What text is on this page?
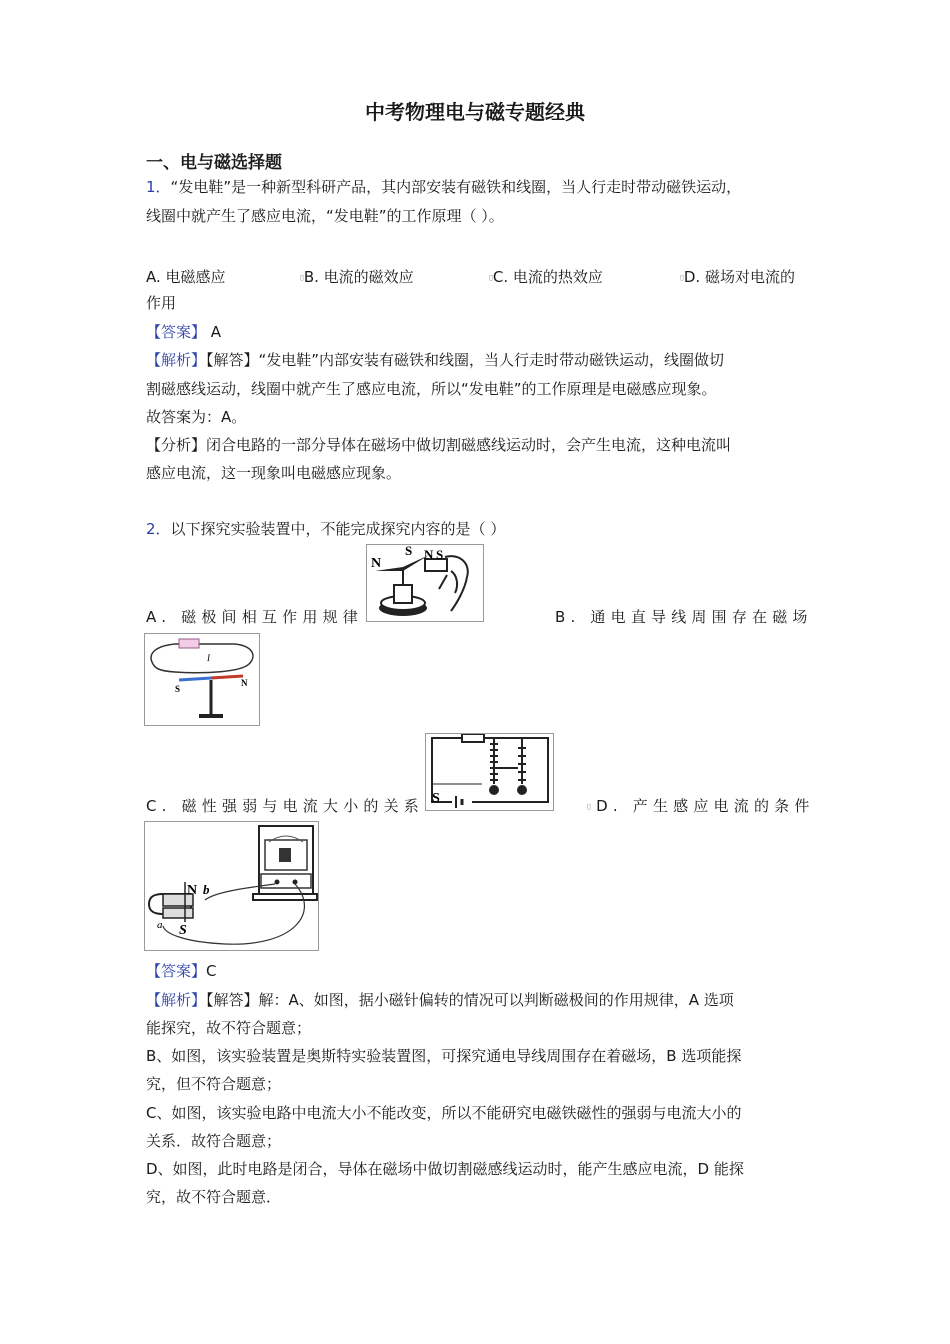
中考物理电与磁专题经典
一、电与磁选择题
1．“发电鞋”是一种新型科研产品，其内部安装有磁铁和线圈，当人行走时带动磁铁运动，
线圈中就产生了感应电流，“发电鞋”的工作原理（ ）。
A. 电磁感应	▯B. 电流的磁效应	▯C. 电流的热效应	▯D. 磁场对电流的
作用
【答案】 A
【解析】【解答】“发电鞋”内部安装有磁铁和线圈，当人行走时带动磁铁运动，线圈做切
割磁感线运动，线圈中就产生了感应电流，所以“发电鞋”的工作原理是电磁感应现象。
故答案为：A。
【分析】闭合电路的一部分导体在磁场中做切割磁感线运动时，会产生电流，这种电流叫
感应电流，这一现象叫电磁感应现象。
2．以下探究实验装置中，不能完成探究内容的是（ ）
N
S N S
A. 磁极间相互作用规律	B. 通电直导线周围存在磁场
I
S
N
S
C. 磁性强弱与电流大小的关系	▯D. 产生感应电流的条件
N b
S
a
【答案】C
【解析】【解答】解：A、如图，据小磁针偏转的情况可以判断磁极间的作用规律，A 选项
能探究，故不符合题意；
B、如图，该实验装置是奥斯特实验装置图，可探究通电导线周围存在着磁场，B 选项能探
究，但不符合题意；
C、如图，该实验电路中电流大小不能改变，所以不能研究电磁铁磁性的强弱与电流大小的
关系．故符合题意；
D、如图，此时电路是闭合，导体在磁场中做切割磁感线运动时，能产生感应电流，D 能探
究，故不符合题意．
